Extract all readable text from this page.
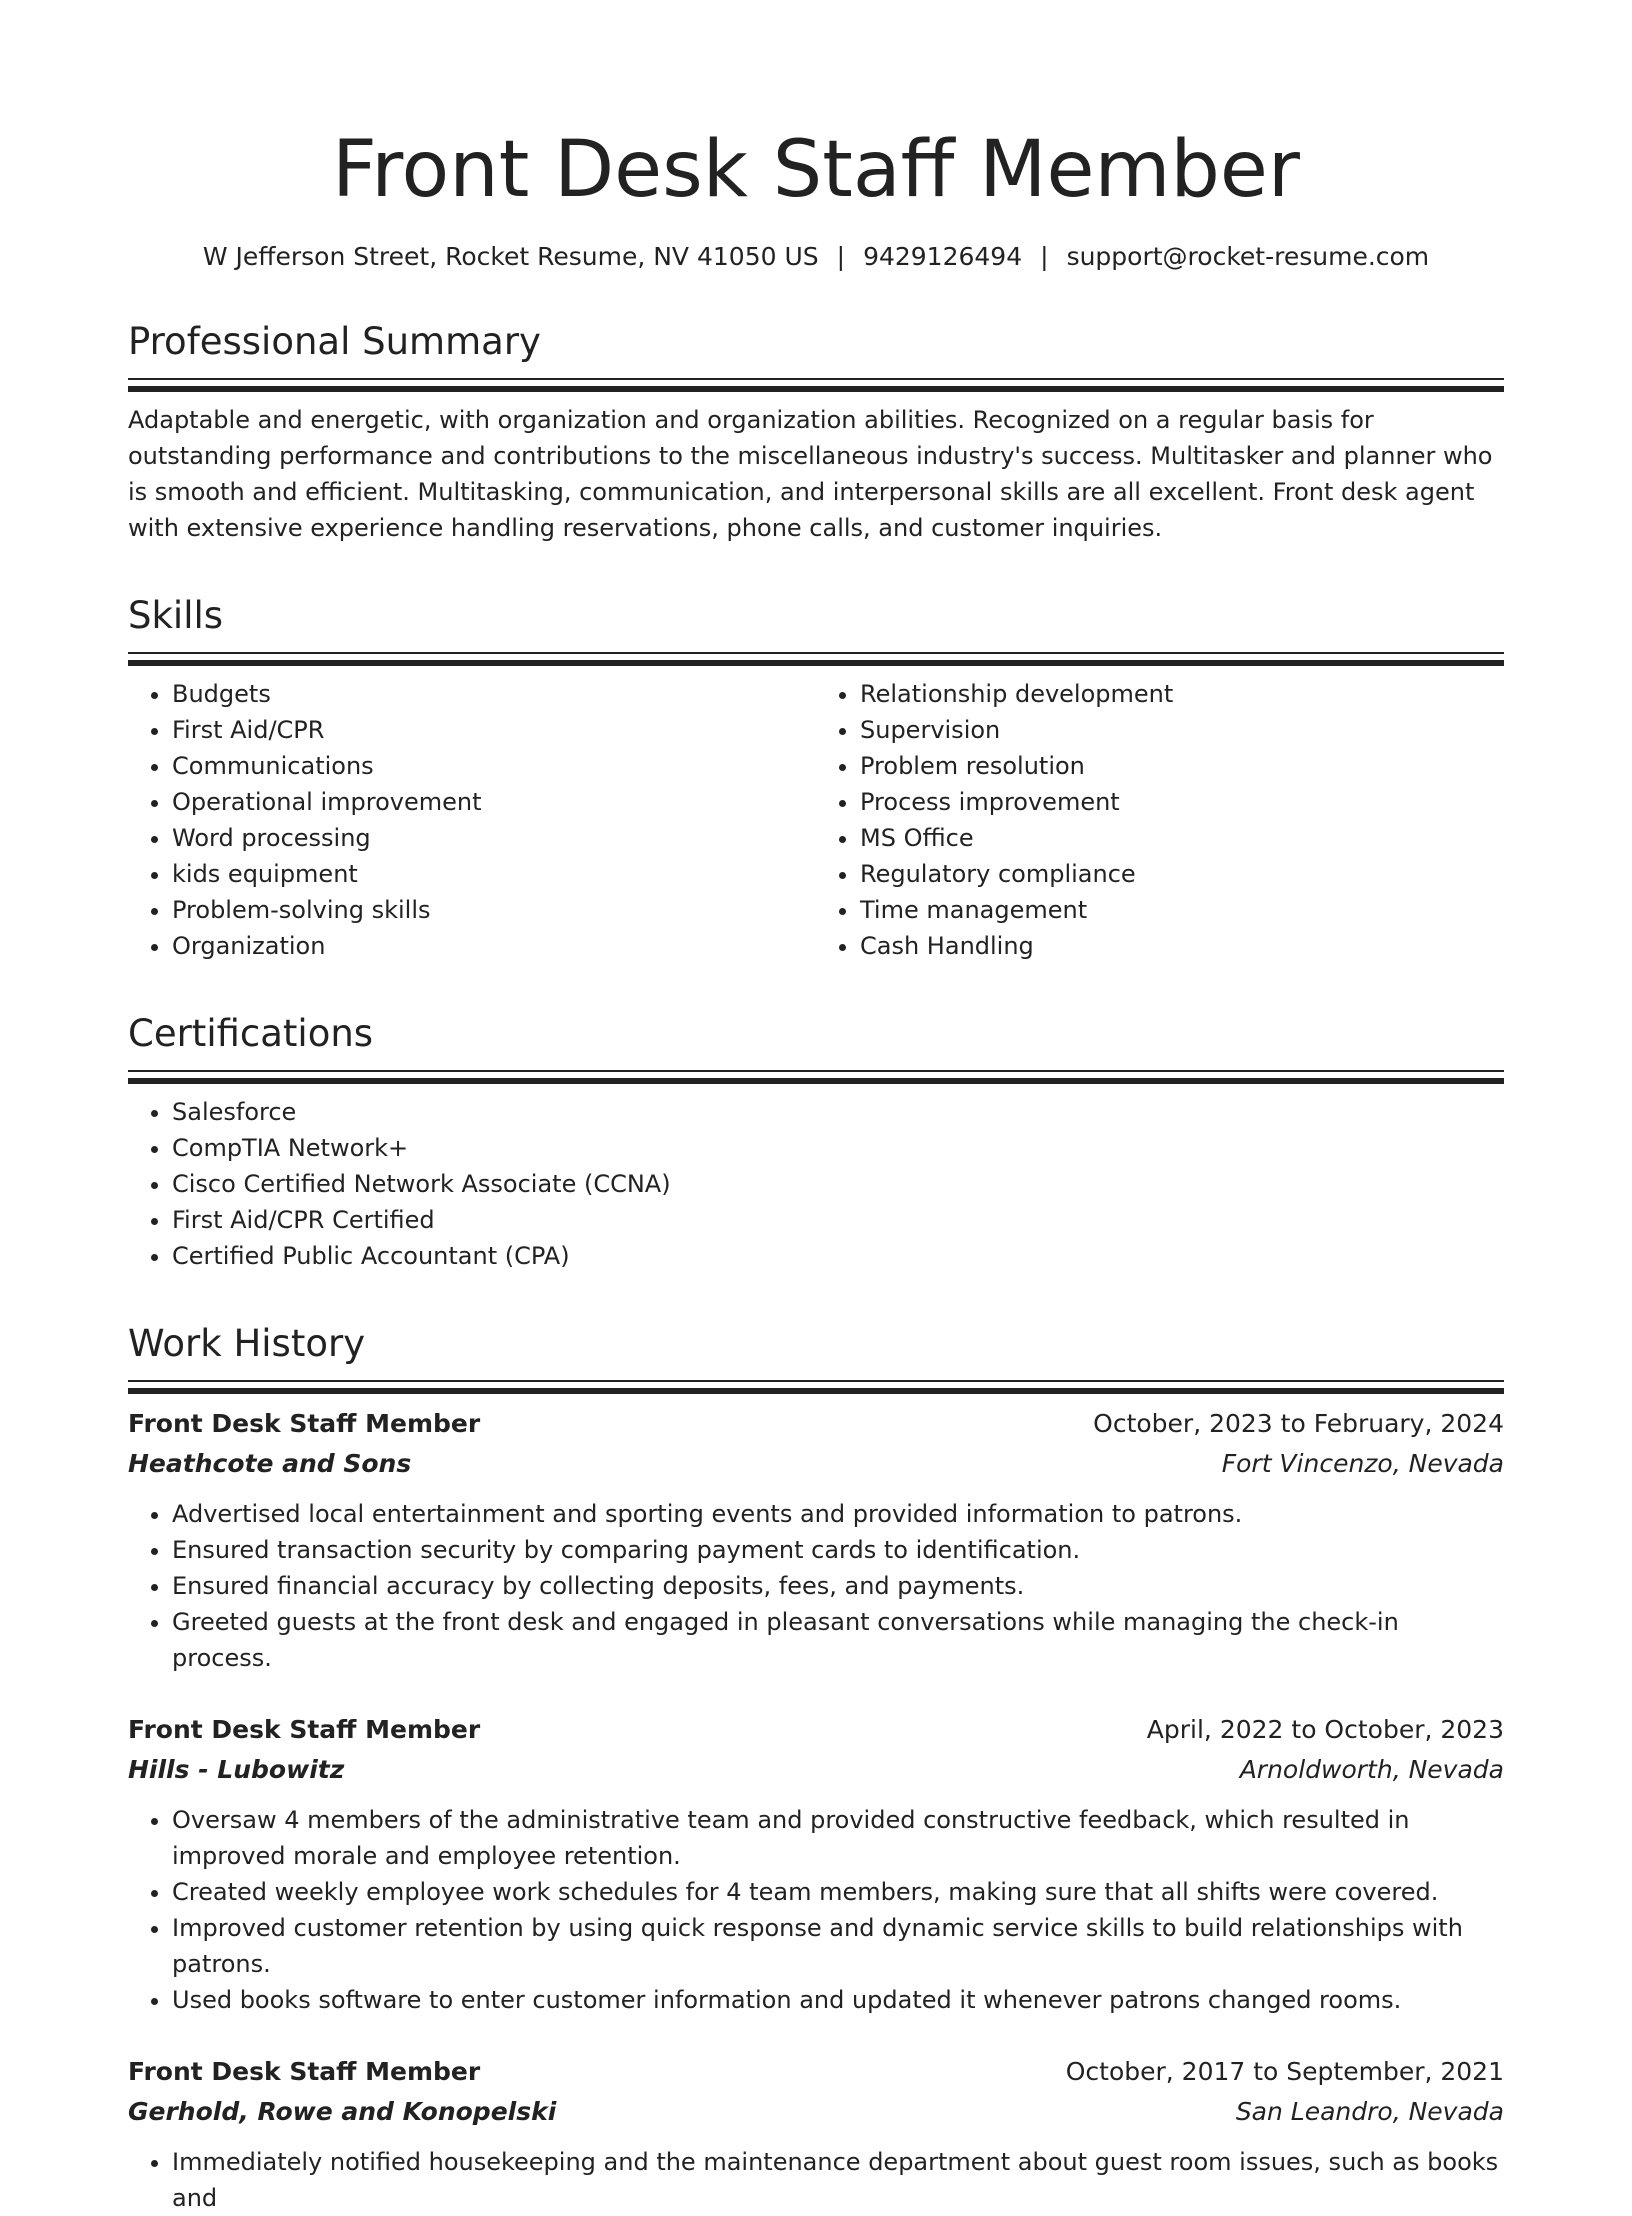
Front Desk Staff Member
W Jefferson Street, Rocket Resume, NV 41050 US | 9429126494 | support@rocket-resume.com
Professional Summary

Adaptable and energetic, with organization and organization abilities. Recognized on a regular basis for outstanding performance and contributions to the miscellaneous industry's success. Multitasker and planner who is smooth and efficient. Multitasking, communication, and interpersonal skills are all excellent. Front desk agent with extensive experience handling reservations, phone calls, and customer inquiries.

Skills
• Budgets
• First Aid/CPR
• Communications
• Operational improvement
• Word processing
• kids equipment
• Problem-solving skills
• Organization
• Relationship development
• Supervision
• Problem resolution
• Process improvement
• MS Office
• Regulatory compliance
• Time management
• Cash Handling
Certifications
• Salesforce
• CompTIA Network+
• Cisco Certified Network Associate (CCNA)
• First Aid/CPR Certified
• Certified Public Accountant (CPA)
Work History
Front Desk Staff Member	October, 2023 to February, 2024
Heathcote and Sons	Fort Vincenzo, Nevada
• Advertised local entertainment and sporting events and provided information to patrons.
• Ensured transaction security by comparing payment cards to identification.
• Ensured financial accuracy by collecting deposits, fees, and payments.
• Greeted guests at the front desk and engaged in pleasant conversations while managing the check-in process.
Front Desk Staff Member	April, 2022 to October, 2023
Hills - Lubowitz	Arnoldworth, Nevada
• Oversaw 4 members of the administrative team and provided constructive feedback, which resulted in improved morale and employee retention.
• Created weekly employee work schedules for 4 team members, making sure that all shifts were covered.
• Improved customer retention by using quick response and dynamic service skills to build relationships with patrons.
• Used books software to enter customer information and updated it whenever patrons changed rooms.
Front Desk Staff Member	October, 2017 to September, 2021
Gerhold, Rowe and Konopelski	San Leandro, Nevada
• Immediately notified housekeeping and the maintenance department about guest room issues, such as books and
